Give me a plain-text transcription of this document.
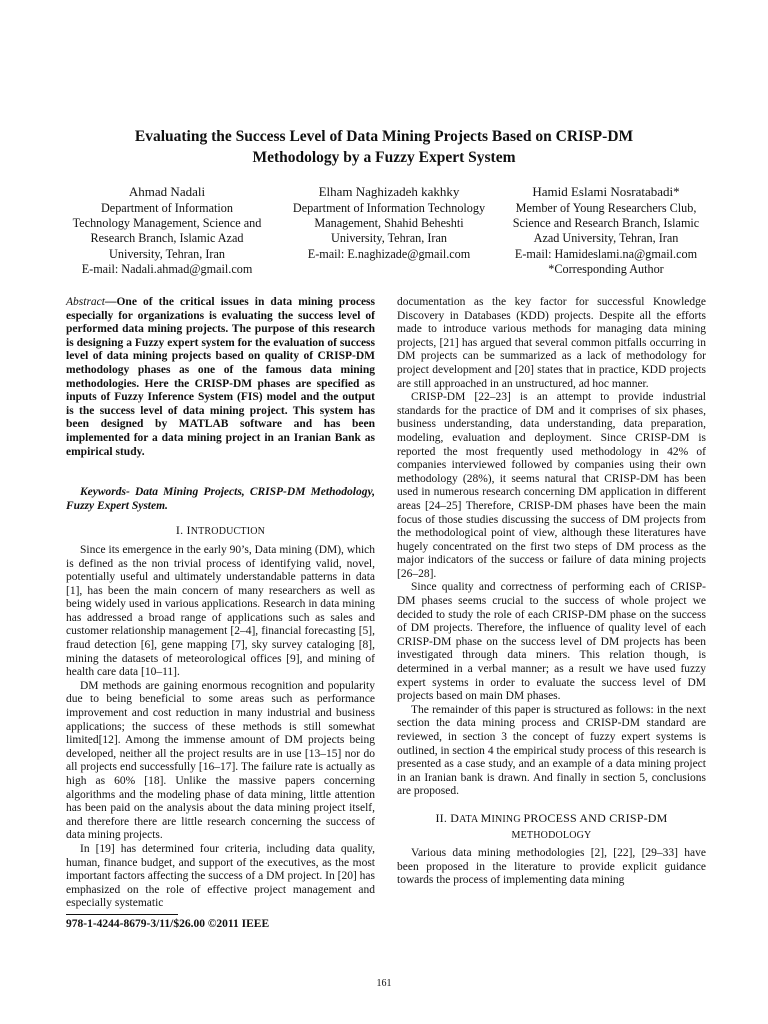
Evaluating the Success Level of Data Mining Projects Based on CRISP-DM
Methodology by a Fuzzy Expert System
Ahmad Nadali
Department of Information
Technology Management, Science and
Research Branch, Islamic Azad
University, Tehran, Iran
E-mail: Nadali.ahmad@gmail.com
Elham Naghizadeh kakhky
Department of Information Technology
Management, Shahid Beheshti
University, Tehran, Iran
E-mail: E.naghizade@gmail.com
Hamid Eslami Nosratabadi*
Member of Young Researchers Club,
Science and Research Branch, Islamic
Azad University, Tehran, Iran
E-mail: Hamideslami.na@gmail.com
*Corresponding Author

Abstract—One of the critical issues in data mining process especially for organizations is evaluating the success level of performed data mining projects. The purpose of this research is designing a Fuzzy expert system for the evaluation of success level of data mining projects based on quality of CRISP-DM methodology phases as one of the famous data mining methodologies. Here the CRISP-DM phases are specified as inputs of Fuzzy Inference System (FIS) model and the output is the success level of data mining project. This system has been designed by MATLAB software and has been implemented for a data mining project in an Iranian Bank as empirical study.

Keywords- Data Mining Projects, CRISP-DM Methodology, Fuzzy Expert System.

I. INTRODUCTION

Since its emergence in the early 90’s, Data mining (DM), which is defined as the non trivial process of identifying valid, novel, potentially useful and ultimately understandable patterns in data [1], has been the main concern of many researchers as well as being widely used in various applications. Research in data mining has addressed a broad range of applications such as sales and customer relationship management [2–4], financial forecasting [5], fraud detection [6], gene mapping [7], sky survey cataloging [8], mining the datasets of meteorological offices [9], and mining of health care data [10–11].

DM methods are gaining enormous recognition and popularity due to being beneficial to some areas such as performance improvement and cost reduction in many industrial and business applications; the success of these methods is still somewhat limited[12]. Among the immense amount of DM projects being developed, neither all the project results are in use [13–15] nor do all projects end successfully [16–17]. The failure rate is actually as high as 60% [18]. Unlike the massive papers concerning algorithms and the modeling phase of data mining, little attention has been paid on the analysis about the data mining project itself, and therefore there are little research concerning the success of data mining projects.

In [19] has determined four criteria, including data quality, human, finance budget, and support of the executives, as the most important factors affecting the success of a DM project. In [20] has emphasized on the role of effective project management and especially systematic

documentation as the key factor for successful Knowledge Discovery in Databases (KDD) projects. Despite all the efforts made to introduce various methods for managing data mining projects, [21] has argued that several common pitfalls occurring in DM projects can be summarized as a lack of methodology for project development and [20] states that in practice, KDD projects are still approached in an unstructured, ad hoc manner.

CRISP-DM [22–23] is an attempt to provide industrial standards for the practice of DM and it comprises of six phases, business understanding, data understanding, data preparation, modeling, evaluation and deployment. Since CRISP-DM is reported the most frequently used methodology in 42% of companies interviewed followed by companies using their own methodology (28%), it seems natural that CRISP-DM has been used in numerous research concerning DM application in different areas [24–25] Therefore, CRISP-DM phases have been the main focus of those studies discussing the success of DM projects from the methodological point of view, although these literatures have hugely concentrated on the first two steps of DM process as the major indicators of the success or failure of data mining projects [26–28].

Since quality and correctness of performing each of CRISP-DM phases seems crucial to the success of whole project we decided to study the role of each CRISP-DM phase on the success of DM projects. Therefore, the influence of quality level of each CRISP-DM phase on the success level of DM projects has been investigated through data miners. This relation though, is determined in a verbal manner; as a result we have used fuzzy expert systems in order to evaluate the success level of DM projects based on main DM phases.

The remainder of this paper is structured as follows: in the next section the data mining process and CRISP-DM standard are reviewed, in section 3 the concept of fuzzy expert systems is outlined, in section 4 the empirical study process of this research is presented as a case study, and an example of a data mining project in an Iranian bank is drawn. And finally in section 5, conclusions are proposed.

II. DATA MINING PROCESS AND CRISP-DM
METHODOLOGY

Various data mining methodologies [2], [22], [29–33] have been proposed in the literature to provide explicit guidance towards the process of implementing data mining

978-1-4244-8679-3/11/$26.00 ©2011 IEEE
161
